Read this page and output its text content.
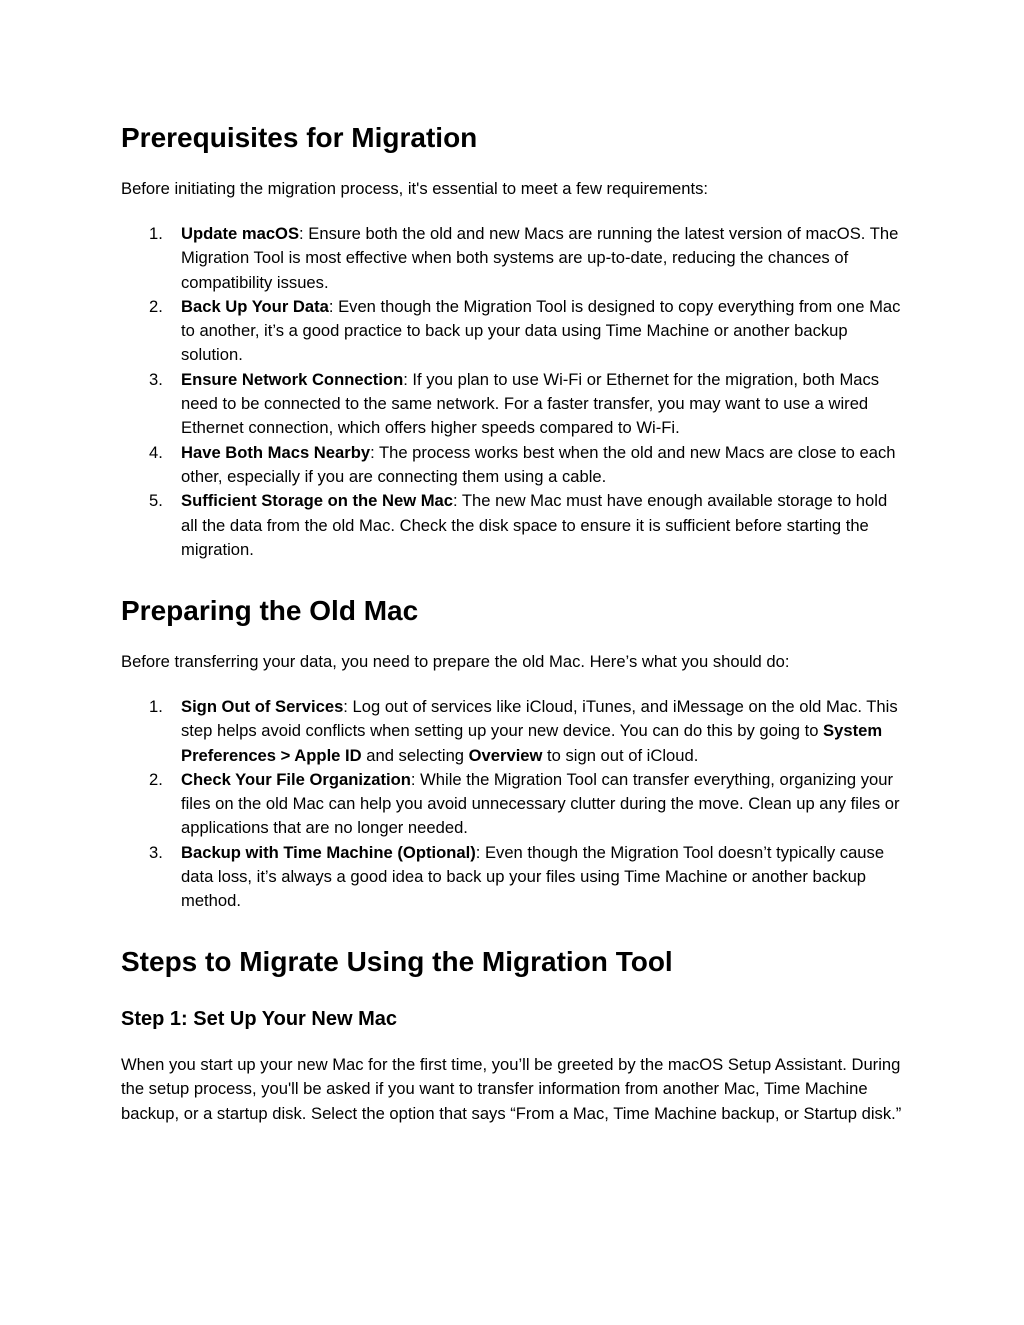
Prerequisites for Migration

Before initiating the migration process, it's essential to meet a few requirements:

1.	Update macOS: Ensure both the old and new Macs are running the latest version of macOS. The Migration Tool is most effective when both systems are up-to-date, reducing the chances of compatibility issues.
2.	Back Up Your Data: Even though the Migration Tool is designed to copy everything from one Mac to another, it’s a good practice to back up your data using Time Machine or another backup solution.
3.	Ensure Network Connection: If you plan to use Wi-Fi or Ethernet for the migration, both Macs need to be connected to the same network. For a faster transfer, you may want to use a wired Ethernet connection, which offers higher speeds compared to Wi-Fi.
4.	Have Both Macs Nearby: The process works best when the old and new Macs are close to each other, especially if you are connecting them using a cable.
5.	Sufficient Storage on the New Mac: The new Mac must have enough available storage to hold all the data from the old Mac. Check the disk space to ensure it is sufficient before starting the migration.
Preparing the Old Mac

Before transferring your data, you need to prepare the old Mac. Here’s what you should do:

1.	Sign Out of Services: Log out of services like iCloud, iTunes, and iMessage on the old Mac. This step helps avoid conflicts when setting up your new device. You can do this by going to System Preferences > Apple ID and selecting Overview to sign out of iCloud.
2.	Check Your File Organization: While the Migration Tool can transfer everything, organizing your files on the old Mac can help you avoid unnecessary clutter during the move. Clean up any files or applications that are no longer needed.
3.	Backup with Time Machine (Optional): Even though the Migration Tool doesn’t typically cause data loss, it’s always a good idea to back up your files using Time Machine or another backup method.
Steps to Migrate Using the Migration Tool
Step 1: Set Up Your New Mac

When you start up your new Mac for the first time, you’ll be greeted by the macOS Setup Assistant. During the setup process, you'll be asked if you want to transfer information from another Mac, Time Machine backup, or a startup disk. Select the option that says “From a Mac, Time Machine backup, or Startup disk.”
